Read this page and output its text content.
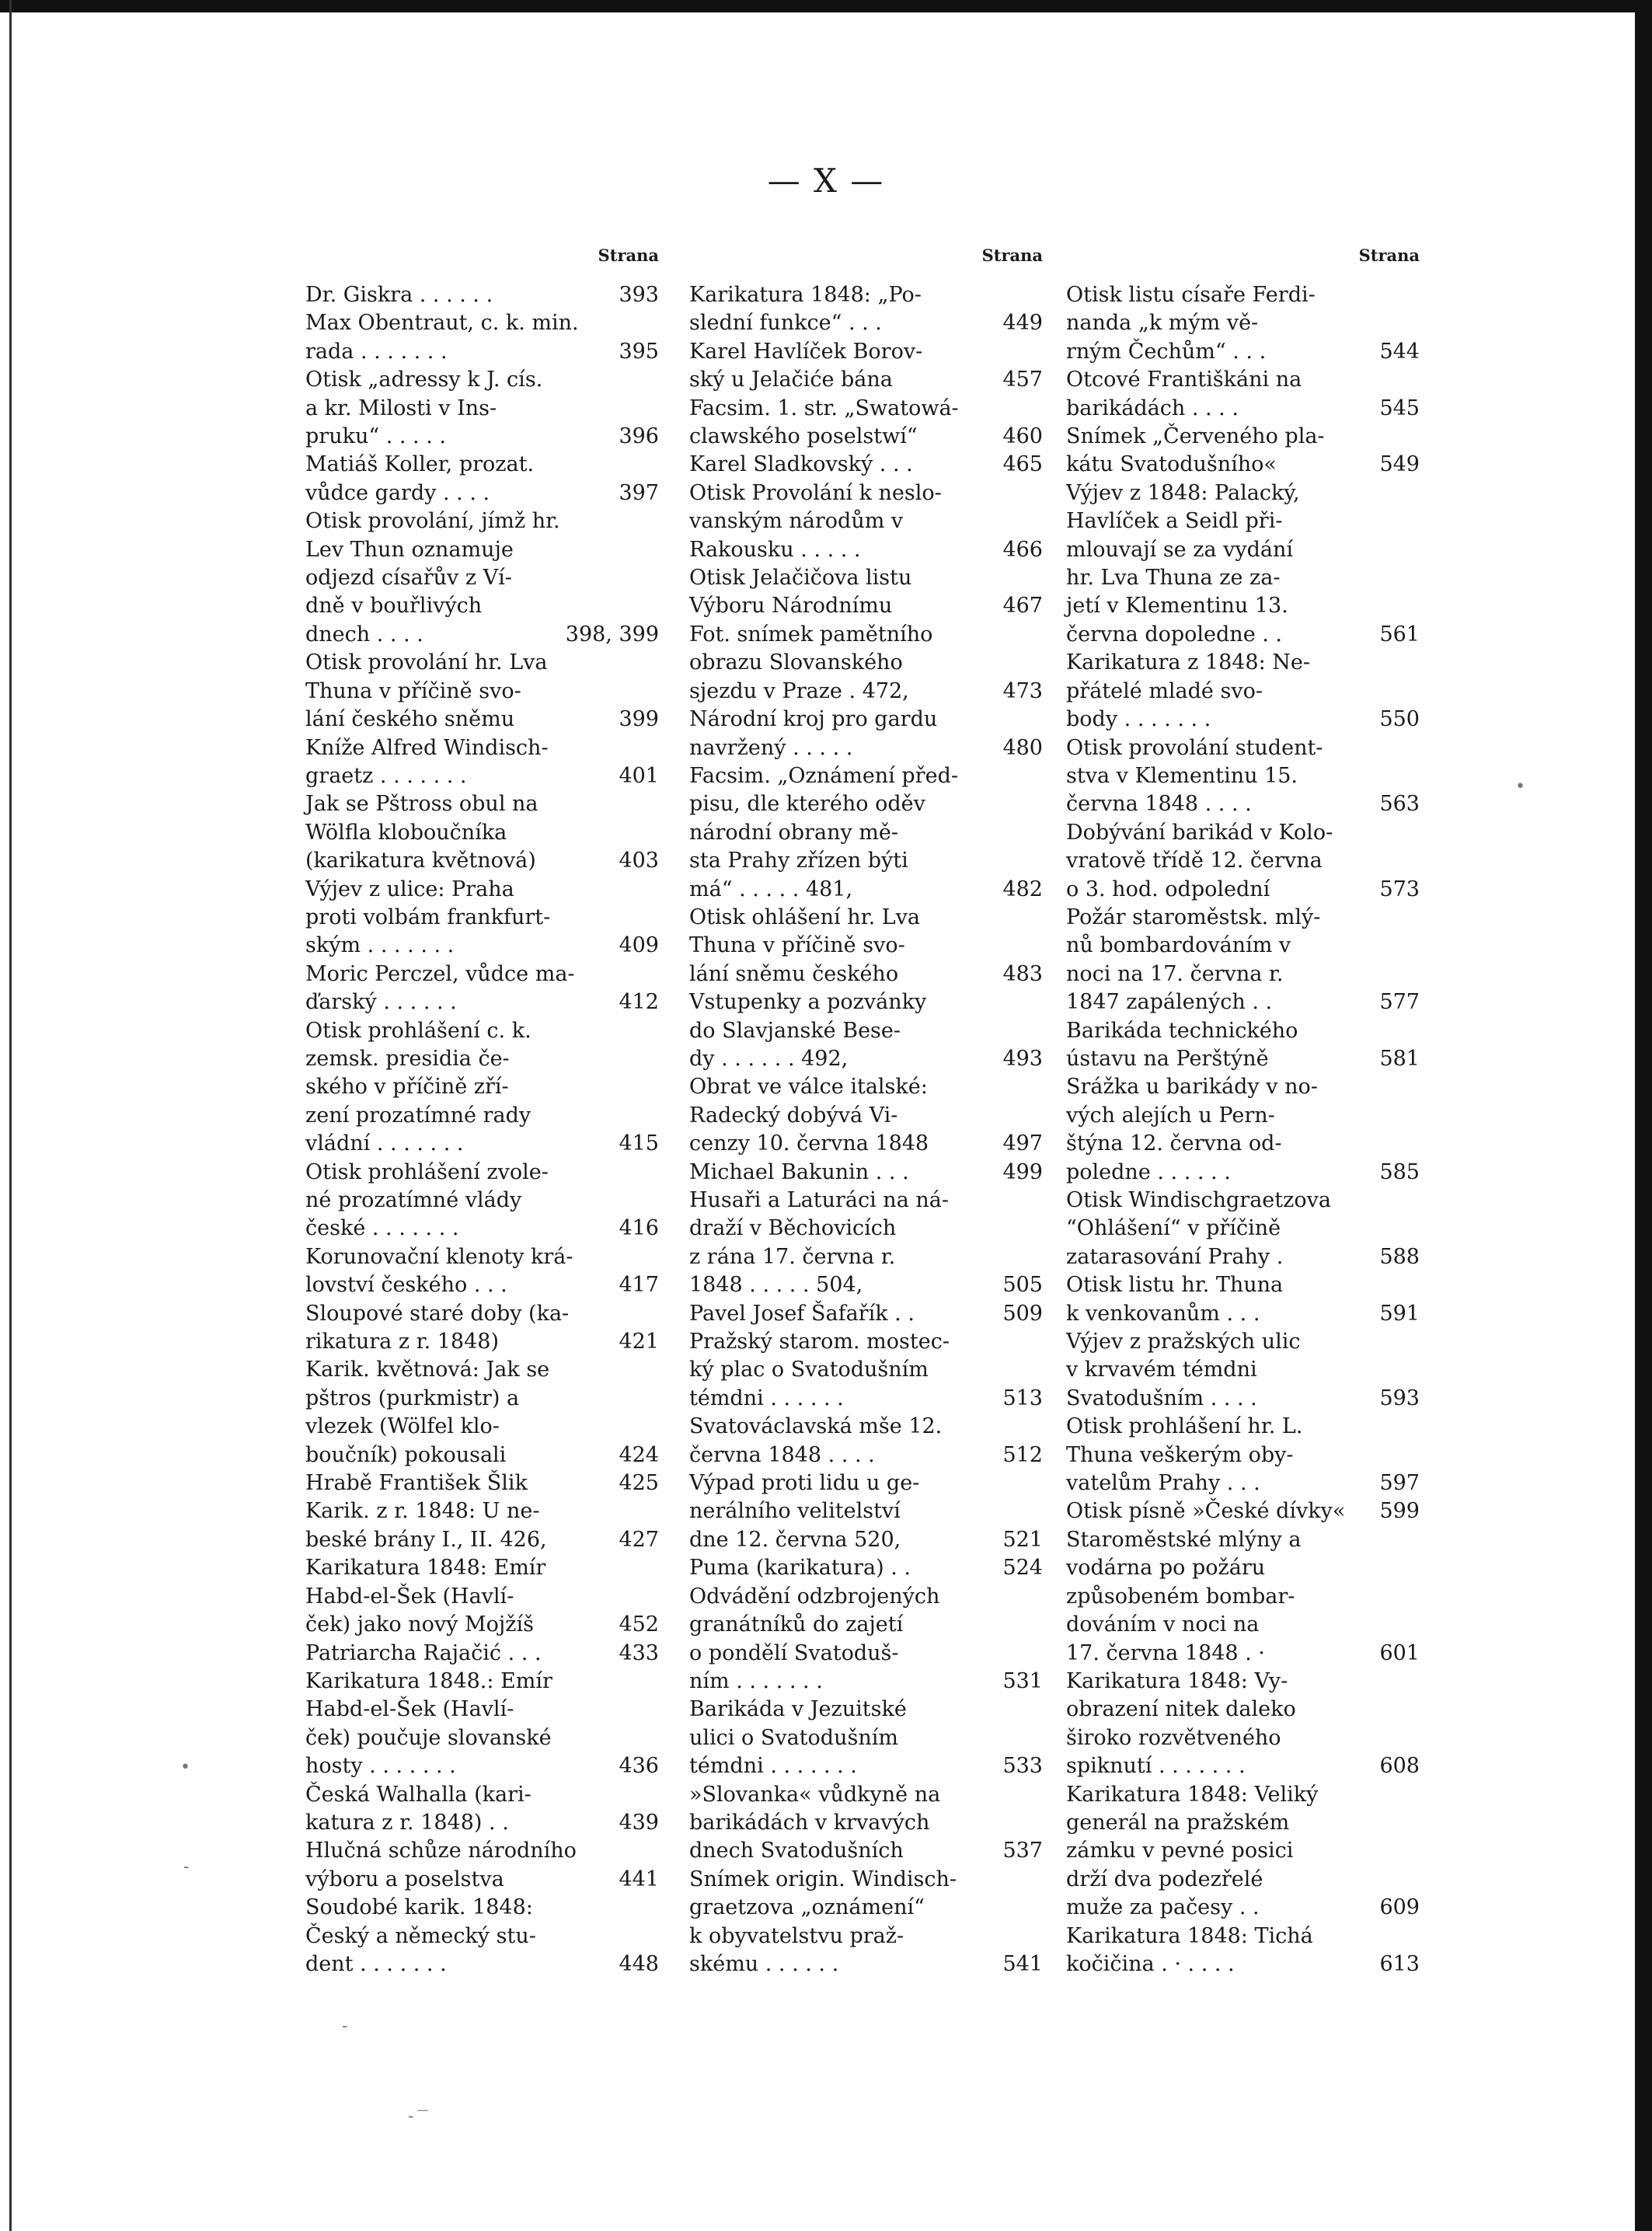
— X —
Strana
Dr. Giskra . . . . . .	393
Max Obentraut, c. k. min.
rada . . . . . . .	395
Otisk „adressy k J. cís.
a kr. Milosti v Ins-
pruku“ . . . . .	396
Matiáš Koller, prozat.
vůdce gardy . . . .	397
Otisk provolání, jímž hr.
Lev Thun oznamuje
odjezd císařův z Ví-
dně v bouřlivých
dnech . . . .	398, 399
Otisk provolání hr. Lva
Thuna v příčině svo-
lání českého sněmu	399
Kníže Alfred Windisch-
graetz . . . . . . .	401
Jak se Pštross obul na
Wölfla kloboučníka
(karikatura květnová)	403
Výjev z ulice: Praha
proti volbám frankfurt-
ským . . . . . . .	409
Moric Perczel, vůdce ma-
ďarský . . . . . .	412
Otisk prohlášení c. k.
zemsk. presidia če-
ského v příčině zří-
zení prozatímné rady
vládní . . . . . . .	415
Otisk prohlášení zvole-
né prozatímné vlády
české . . . . . . .	416
Korunovační klenoty krá-
lovství českého . . .	417
Sloupové staré doby (ka-
rikatura z r. 1848)	421
Karik. květnová: Jak se
pštros (purkmistr) a
vlezek (Wölfel klo-
boučník) pokousali	424
Hrabě František Šlik	425
Karik. z r. 1848: U ne-
beské brány I., II. 426,	427
Karikatura 1848: Emír
Habd-el-Šek (Havlí-
ček) jako nový Mojžíš	452
Patriarcha Rajačić . . .	433
Karikatura 1848.: Emír
Habd-el-Šek (Havlí-
ček) poučuje slovanské
hosty . . . . . . .	436
Česká Walhalla (kari-
katura z r. 1848) . .	439
Hlučná schůze národního
výboru a poselstva	441
Soudobé karik. 1848:
Český a německý stu-
dent . . . . . . .	448
Strana
Karikatura 1848: „Po-
slední funkce“ . . .	449
Karel Havlíček Borov-
ský u Jelačiće bána	457
Facsim. 1. str. „Swatowá-
clawského poselstwí“	460
Karel Sladkovský . . .	465
Otisk Provolání k neslo-
vanským národům v
Rakousku . . . . .	466
Otisk Jelačičova listu
Výboru Národnímu	467
Fot. snímek pamětního
obrazu Slovanského
sjezdu v Praze . 472,	473
Národní kroj pro gardu
navržený . . . . .	480
Facsim. „Oznámení před-
pisu, dle kterého oděv
národní obrany mě-
sta Prahy zřízen býti
má“ . . . . . 481,	482
Otisk ohlášení hr. Lva
Thuna v příčině svo-
lání sněmu českého	483
Vstupenky a pozvánky
do Slavjanské Bese-
dy . . . . . . 492,	493
Obrat ve válce italské:
Radecký dobývá Vi-
cenzy 10. června 1848	497
Michael Bakunin . . .	499
Husaři a Laturáci na ná-
draží v Běchovicích
z rána 17. června r.
1848 . . . . . 504,	505
Pavel Josef Šafařík . .	509
Pražský starom. mostec-
ký plac o Svatodušním
témdni . . . . . .	513
Svatováclavská mše 12.
června 1848 . . . .	512
Výpad proti lidu u ge-
nerálního velitelství
dne 12. června 520,	521
Puma (karikatura) . .	524
Odvádění odzbrojených
granátníků do zajetí
o pondělí Svatoduš-
ním . . . . . . .	531
Barikáda v Jezuitské
ulici o Svatodušním
témdni . . . . . . .	533
»Slovanka« vůdkyně na
barikádách v krvavých
dnech Svatodušních	537
Snímek origin. Windisch-
graetzova „oznámení“
k obyvatelstvu praž-
skému . . . . . .	541
Strana
Otisk listu císaře Ferdi-
nanda „k mým vě-
rným Čechům“ . . .	544
Otcové Františkáni na
barikádách . . . .	545
Snímek „Červeného pla-
kátu Svatodušního«	549
Výjev z 1848: Palacký,
Havlíček a Seidl při-
mlouvají se za vydání
hr. Lva Thuna ze za-
jetí v Klementinu 13.
června dopoledne . .	561
Karikatura z 1848: Ne-
přátelé mladé svo-
body . . . . . . .	550
Otisk provolání student-
stva v Klementinu 15.
června 1848 . . . .	563
Dobývání barikád v Kolo-
vratově třídě 12. června
o 3. hod. odpolední	573
Požár staroměstsk. mlý-
nů bombardováním v
noci na 17. června r.
1847 zapálených . .	577
Barikáda technického
ústavu na Perštýně	581
Srážka u barikády v no-
vých alejích u Pern-
štýna 12. června od-
poledne . . . . . .	585
Otisk Windischgraetzova
“Ohlášení“ v příčině
zatarasování Prahy .	588
Otisk listu hr. Thuna
k venkovanům . . .	591
Výjev z pražských ulic
v krvavém témdni
Svatodušním . . . .	593
Otisk prohlášení hr. L.
Thuna veškerým oby-
vatelům Prahy . . .	597
Otisk písně »České dívky«	599
Staroměstské mlýny a
vodárna po požáru
způsobeném bombar-
dováním v noci na
17. června 1848 . ·	601
Karikatura 1848: Vy-
obrazení nitek daleko
široko rozvětveného
spiknutí . . . . . . .	608
Karikatura 1848: Veliký
generál na pražském
zámku v pevné posici
drží dva podezřelé
muže za pačesy . .	609
Karikatura 1848: Tichá
kočičina . · . . . .	613
•
•
-
-
- ͞
